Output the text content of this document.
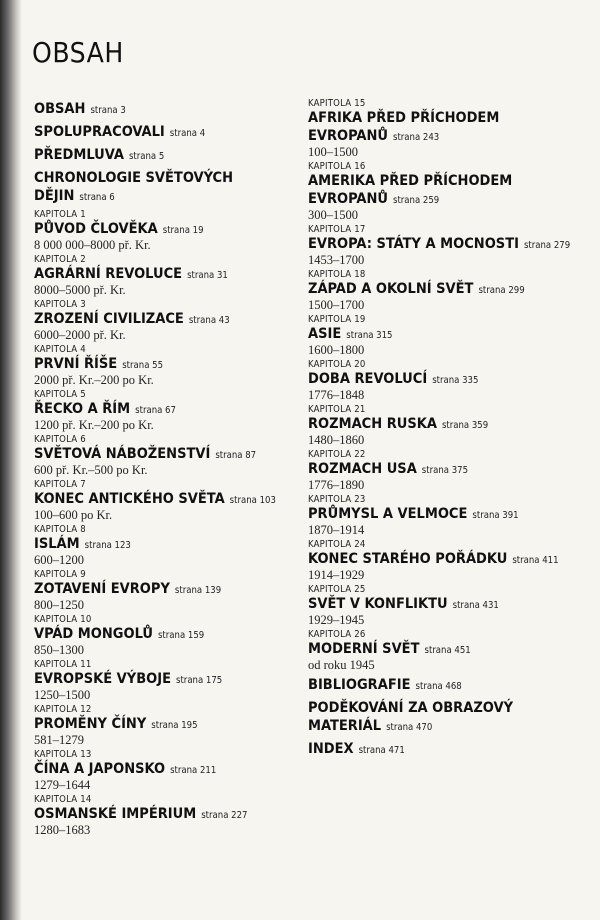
OBSAH
OBSAH strana 3
SPOLUPRACOVALI strana 4
PŘEDMLUVA strana 5
CHRONOLOGIE SVĚTOVÝCH DĚJIN strana 6
KAPITOLA 1
PŮVOD ČLOVĚKA strana 19
8 000 000–8000 př. Kr.
KAPITOLA 2
AGRÁRNÍ REVOLUCE strana 31
8000–5000 př. Kr.
KAPITOLA 3
ZROZENÍ CIVILIZACE strana 43
6000–2000 př. Kr.
KAPITOLA 4
PRVNÍ ŘÍŠE strana 55
2000 př. Kr.–200 po Kr.
KAPITOLA 5
ŘECKO A ŘÍM strana 67
1200 př. Kr.–200 po Kr.
KAPITOLA 6
SVĚTOVÁ NÁBOŽENSTVÍ strana 87
600 př. Kr.–500 po Kr.
KAPITOLA 7
KONEC ANTICKÉHO SVĚTA strana 103
100–600 po Kr.
KAPITOLA 8
ISLÁM strana 123
600–1200
KAPITOLA 9
ZOTAVENÍ EVROPY strana 139
800–1250
KAPITOLA 10
VPÁD MONGOLŮ strana 159
850–1300
KAPITOLA 11
EVROPSKÉ VÝBOJE strana 175
1250–1500
KAPITOLA 12
PROMĚNY ČÍNY strana 195
581–1279
KAPITOLA 13
ČÍNA A JAPONSKO strana 211
1279–1644
KAPITOLA 14
OSMANSKÉ IMPÉRIUM strana 227
1280–1683
KAPITOLA 15
AFRIKA PŘED PŘÍCHODEM EVROPANŮ strana 243
100–1500
KAPITOLA 16
AMERIKA PŘED PŘÍCHODEM EVROPANŮ strana 259
300–1500
KAPITOLA 17
EVROPA: STÁTY A MOCNOSTI strana 279
1453–1700
KAPITOLA 18
ZÁPAD A OKOLNÍ SVĚT strana 299
1500–1700
KAPITOLA 19
ASIE strana 315
1600–1800
KAPITOLA 20
DOBA REVOLUCÍ strana 335
1776–1848
KAPITOLA 21
ROZMACH RUSKA strana 359
1480–1860
KAPITOLA 22
ROZMACH USA strana 375
1776–1890
KAPITOLA 23
PRŮMYSL A VELMOCE strana 391
1870–1914
KAPITOLA 24
KONEC STARÉHO POŘÁDKU strana 411
1914–1929
KAPITOLA 25
SVĚT V KONFLIKTU strana 431
1929–1945
KAPITOLA 26
MODERNÍ SVĚT strana 451
od roku 1945
BIBLIOGRAFIE strana 468
PODĚKOVÁNÍ ZA OBRAZOVÝ MATERIÁL strana 470
INDEX strana 471
